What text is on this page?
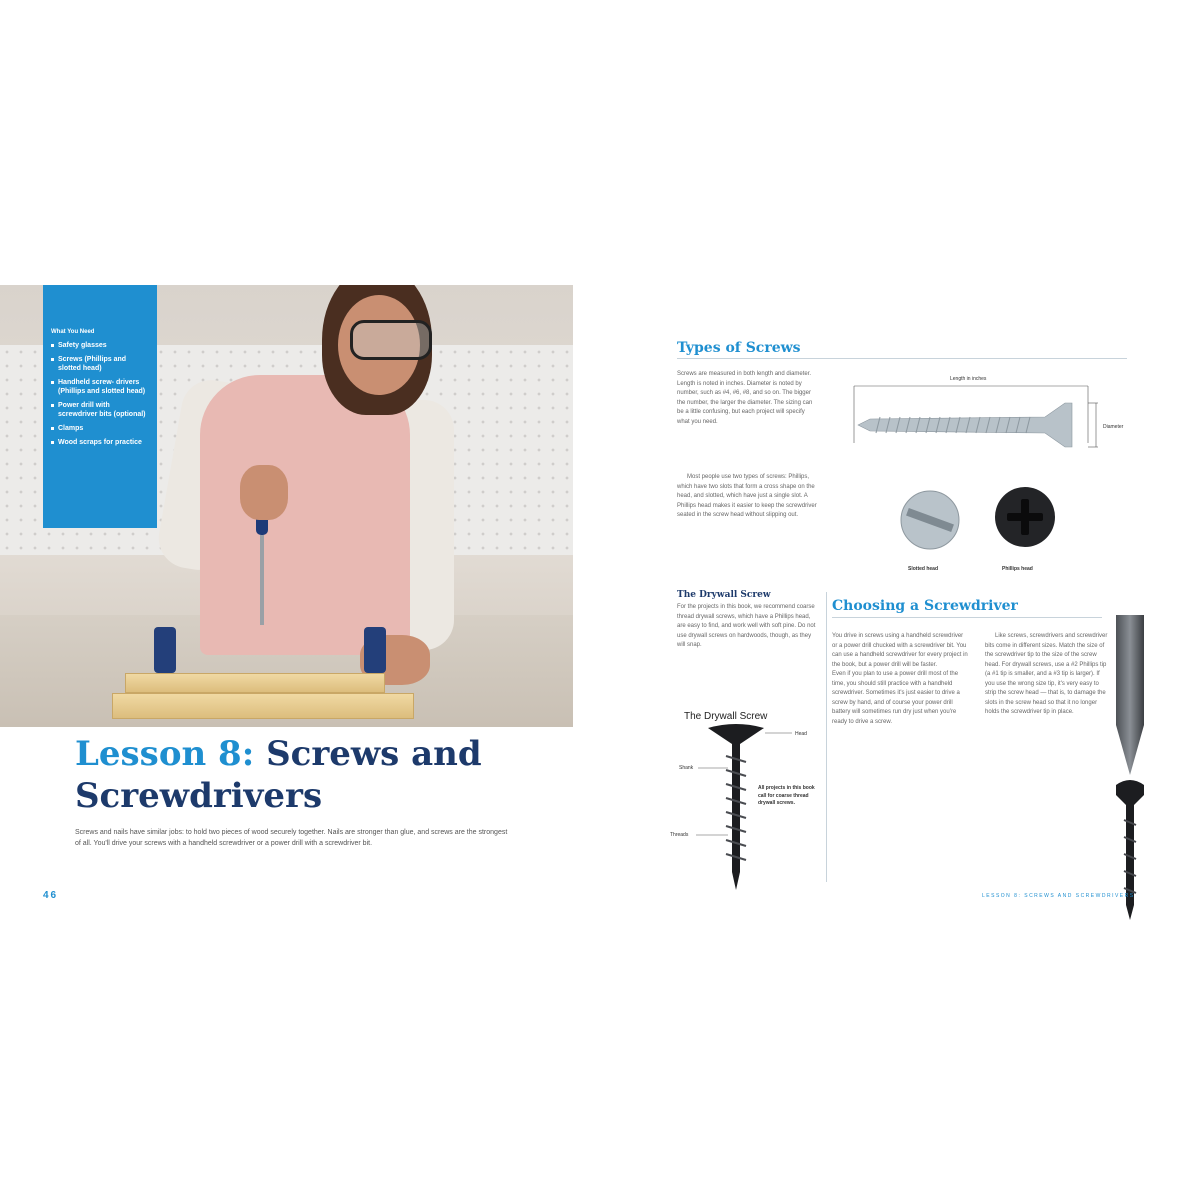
What You Need
Safety glasses
Screws (Phillips and slotted head)
Handheld screw- drivers (Phillips and slotted head)
Power drill with screwdriver bits (optional)
Clamps
Wood scraps for practice
Lesson 8: Screws and Screwdrivers
Screws and nails have similar jobs: to hold two pieces of wood securely together. Nails are stronger than glue, and screws are the strongest of all. You'll drive your screws with a handheld screwdriver or a power drill with a screwdriver bit.
46
Types of Screws
Screws are measured in both length and diameter. Length is noted in inches. Diameter is noted by number, such as #4, #6, #8, and so on. The bigger the number, the larger the diameter. The sizing can be a little confusing, but each project will specify what you need.
Most people use two types of screws: Phillips, which have two slots that form a cross shape on the head, and slotted, which have just a single slot. A Phillips head makes it easier to keep the screwdriver seated in the screw head without slipping out.
Length in inches
Diameter
Slotted head	Phillips head
The Drywall Screw
For the projects in this book, we recommend coarse thread drywall screws, which have a Phillips head, are easy to find, and work well with soft pine. Do not use drywall screws on hardwoods, though, as they will snap.
The Drywall Screw
Head
Shank
Threads
All projects in this book call for coarse thread drywall screws.
Choosing a Screwdriver
You drive in screws using a handheld screwdriver or a power drill chucked with a screwdriver bit. You can use a handheld screwdriver for every project in the book, but a power drill will be faster.
Even if you plan to use a power drill most of the time, you should still practice with a handheld screwdriver. Sometimes it's just easier to drive a screw by hand, and of course your power drill battery will sometimes run dry just when you're ready to drive a screw.
Like screws, screwdrivers and screwdriver bits come in different sizes. Match the size of the screwdriver tip to the size of the screw head. For drywall screws, use a #2 Phillips tip (a #1 tip is smaller, and a #3 tip is larger). If you use the wrong size tip, it's very easy to strip the screw head — that is, to damage the slots in the screw head so that it no longer holds the screwdriver tip in place.
LESSON 8: SCREWS AND SCREWDRIVERS
